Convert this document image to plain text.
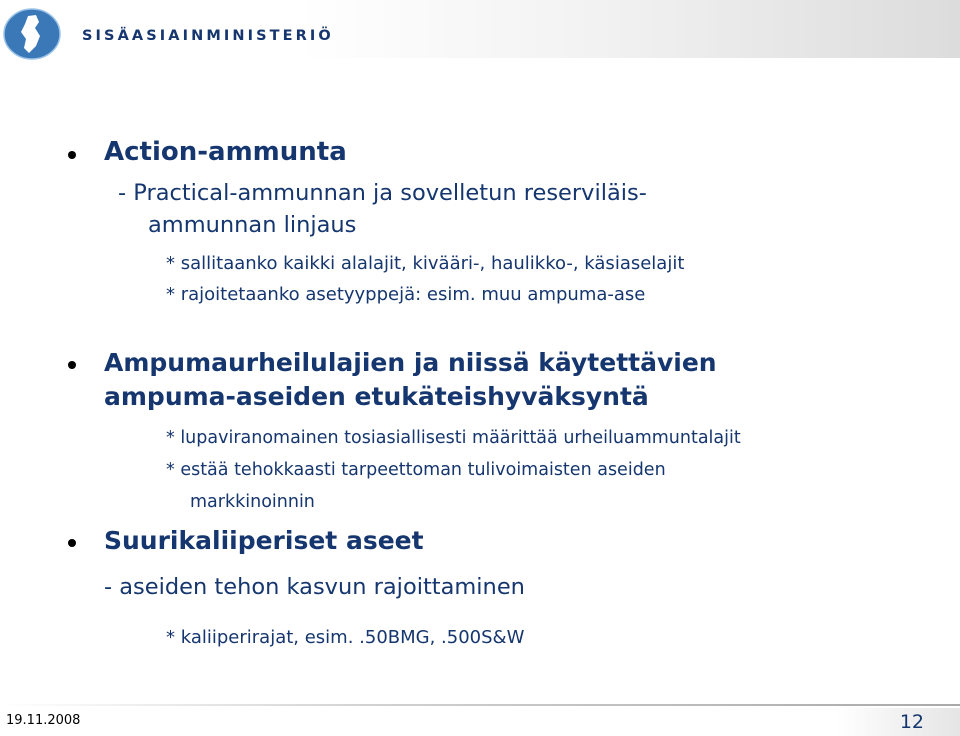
SISÄASIAINMINISTERIÖ
Action-ammunta
- Practical-ammunnan ja sovelletun reserviläis-
ammunnan linjaus
* sallitaanko kaikki alalajit, kivääri-, haulikko-, käsiaselajit
* rajoitetaanko asetyyppejä: esim. muu ampuma-ase
Ampumaurheilulajien ja niissä käytettävien
ampuma-aseiden etukäteishyväksyntä
* lupaviranomainen tosiasiallisesti määrittää urheiluammuntalajit
* estää tehokkaasti tarpeettoman tulivoimaisten aseiden
markkinoinnin
Suurikaliiperiset aseet
- aseiden tehon kasvun rajoittaminen
* kaliiperirajat, esim. .50BMG, .500S&W
19.11.2008	12
